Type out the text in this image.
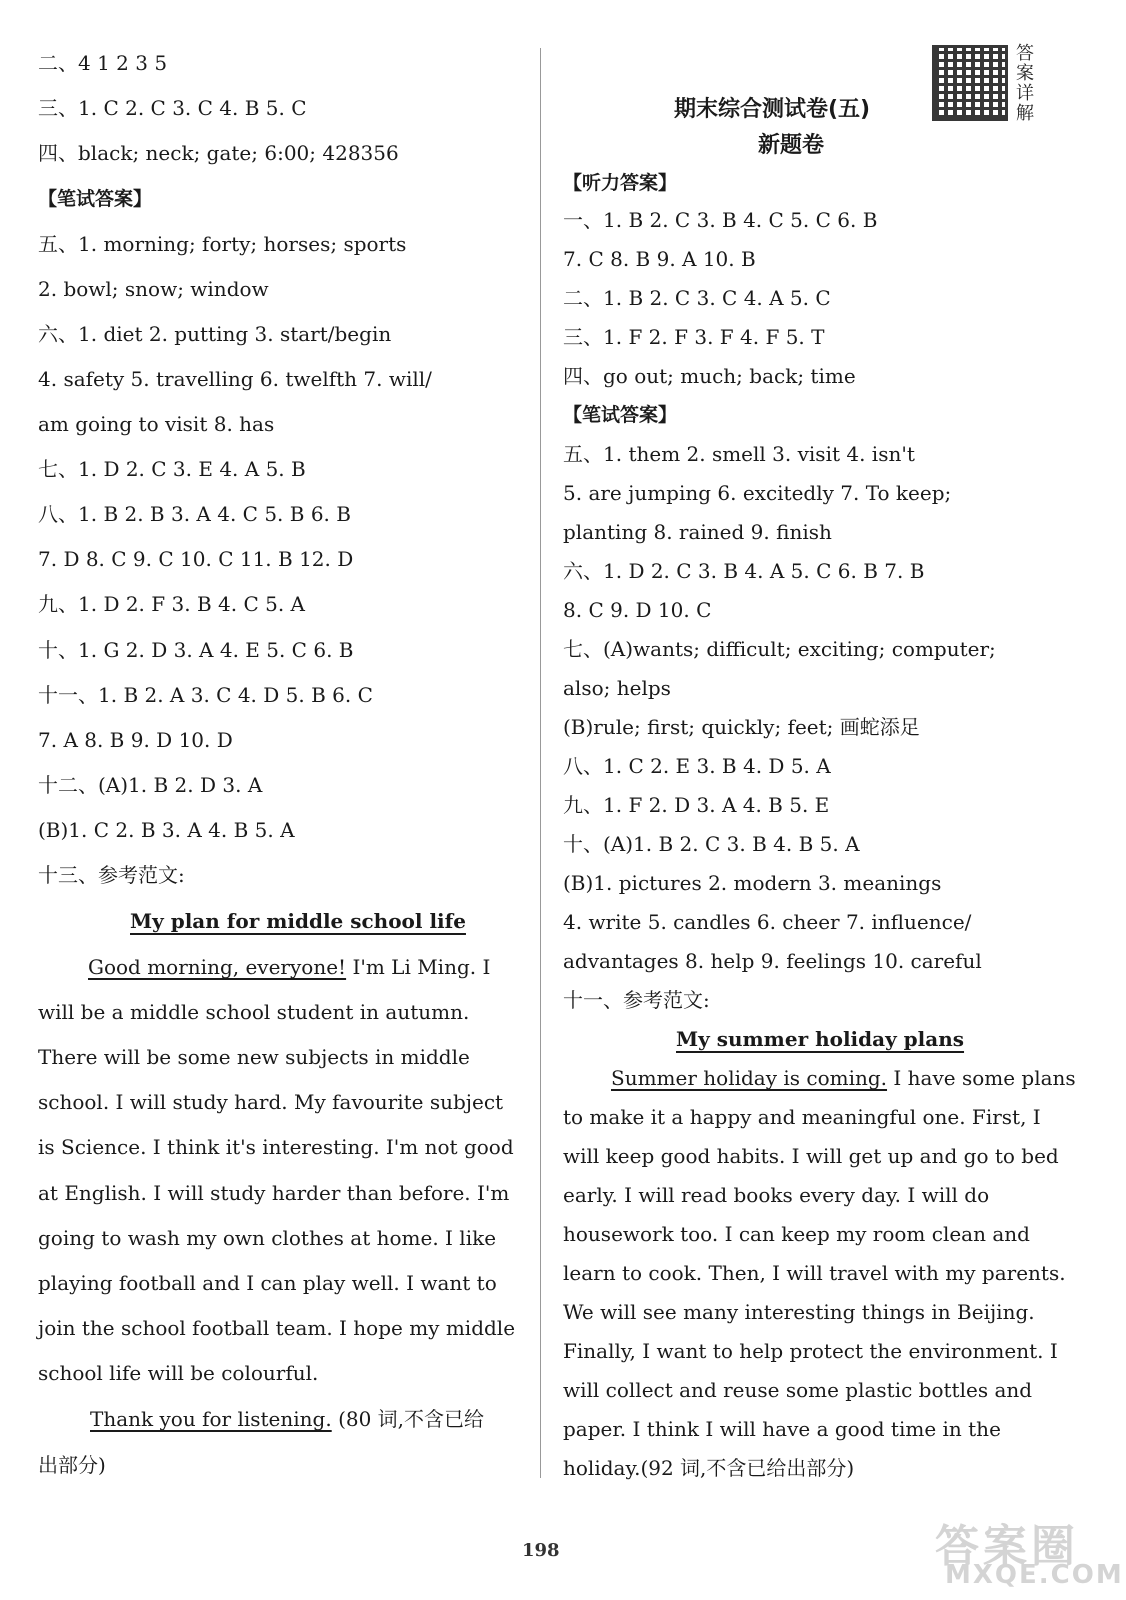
二、4 1 2 3 5
三、1. C 2. C 3. C 4. B 5. C
四、black; neck; gate; 6:00; 428356
【笔试答案】
五、1. morning; forty; horses; sports
2. bowl; snow; window
六、1. diet 2. putting 3. start/begin
4. safety 5. travelling 6. twelfth 7. will/
am going to visit 8. has
七、1. D 2. C 3. E 4. A 5. B
八、1. B 2. B 3. A 4. C 5. B 6. B
7. D 8. C 9. C 10. C 11. B 12. D
九、1. D 2. F 3. B 4. C 5. A
十、1. G 2. D 3. A 4. E 5. C 6. B
十一、1. B 2. A 3. C 4. D 5. B 6. C
7. A 8. B 9. D 10. D
十二、(A)1. B 2. D 3. A
(B)1. C 2. B 3. A 4. B 5. A
十三、参考范文:
My plan for middle school life
Good morning, everyone! I'm Li Ming. I
will be a middle school student in autumn.
There will be some new subjects in middle
school. I will study hard. My favourite subject
is Science. I think it's interesting. I'm not good
at English. I will study harder than before. I'm
going to wash my own clothes at home. I like
playing football and I can play well. I want to
join the school football team. I hope my middle
school life will be colourful.
Thank you for listening. (80 词,不含已给
出部分)
期末综合测试卷(五)
答案详解
新题卷
【听力答案】
一、1. B 2. C 3. B 4. C 5. C 6. B
7. C 8. B 9. A 10. B
二、1. B 2. C 3. C 4. A 5. C
三、1. F 2. F 3. F 4. F 5. T
四、go out; much; back; time
【笔试答案】
五、1. them 2. smell 3. visit 4. isn't
5. are jumping 6. excitedly 7. To keep;
planting 8. rained 9. finish
六、1. D 2. C 3. B 4. A 5. C 6. B 7. B
8. C 9. D 10. C
七、(A)wants; difficult; exciting; computer;
also; helps
(B)rule; first; quickly; feet; 画蛇添足
八、1. C 2. E 3. B 4. D 5. A
九、1. F 2. D 3. A 4. B 5. E
十、(A)1. B 2. C 3. B 4. B 5. A
(B)1. pictures 2. modern 3. meanings
4. write 5. candles 6. cheer 7. influence/
advantages 8. help 9. feelings 10. careful
十一、参考范文:
My summer holiday plans
Summer holiday is coming. I have some plans
to make it a happy and meaningful one. First, I
will keep good habits. I will get up and go to bed
early. I will read books every day. I will do
housework too. I can keep my room clean and
learn to cook. Then, I will travel with my parents.
We will see many interesting things in Beijing.
Finally, I want to help protect the environment. I
will collect and reuse some plastic bottles and
paper. I think I will have a good time in the
holiday.(92 词,不含已给出部分)
198	答案圈
MXQE.COM
